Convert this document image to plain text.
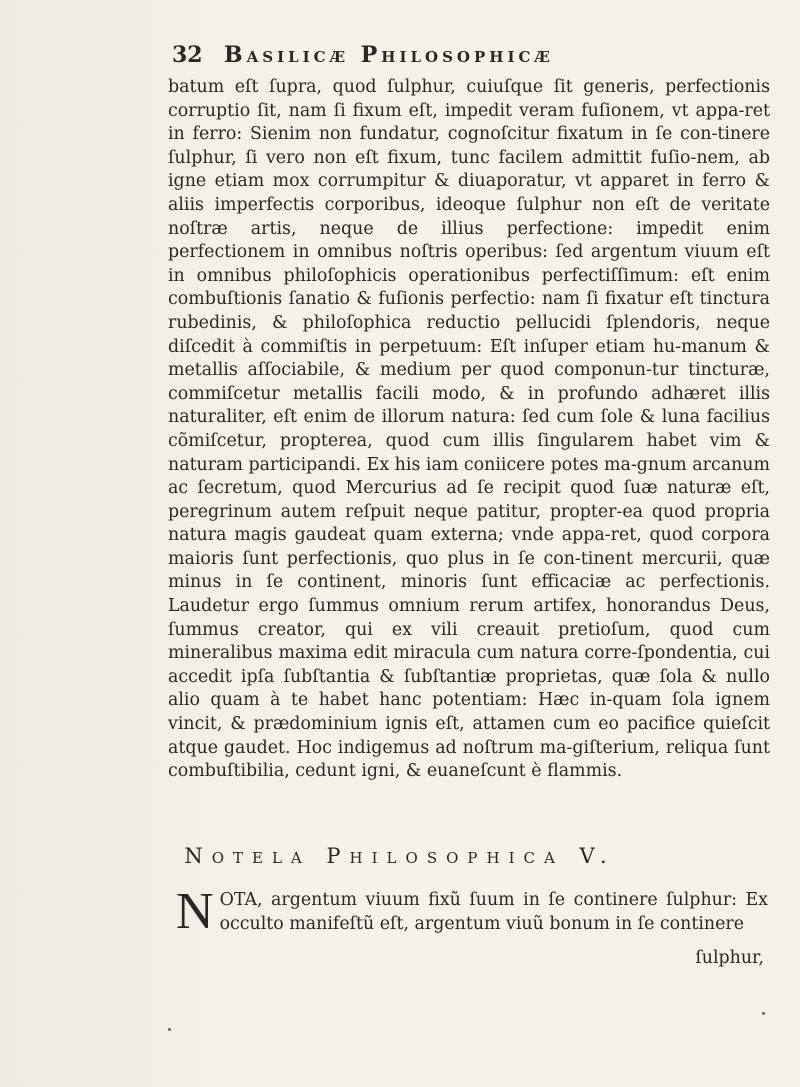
32 Basilicæ Philosophicæ

batum eſt ſupra, quod ſulphur, cuiuſque ſit generis, perfectionis corruptio ſit, nam ſi fixum eſt, impedit veram fuſionem, vt appa-ret in ferro: Sienim non fundatur, cognoſcitur fixatum in ſe con-tinere ſulphur, ſi vero non eſt fixum, tunc facilem admittit fuſio-nem, ab igne etiam mox corrumpitur & diuaporatur, vt apparet in ferro & aliis imperfectis corporibus, ideoque ſulphur non eſt de veritate noſtræ artis, neque de illius perfectione: impedit enim perfectionem in omnibus noſtris operibus: ſed argentum viuum eſt in omnibus philoſophicis operationibus perfectiſſimum: eſt enim combuſtionis ſanatio & fuſionis perfectio: nam ſi fixatur eſt tinctura rubedinis, & philoſophica reductio pellucidi ſplendoris, neque diſcedit à commiſtis in perpetuum: Eſt inſuper etiam hu-manum & metallis aſſociabile, & medium per quod componun-tur tincturæ, commiſcetur metallis facili modo, & in profundo adhæret illis naturaliter, eſt enim de illorum natura: ſed cum ſole & luna facilius cõmiſcetur, propterea, quod cum illis ſingularem habet vim & naturam participandi. Ex his iam coniicere potes ma-gnum arcanum ac ſecretum, quod Mercurius ad ſe recipit quod ſuæ naturæ eſt, peregrinum autem reſpuit neque patitur, propter-ea quod propria natura magis gaudeat quam externa; vnde appa-ret, quod corpora maioris ſunt perfectionis, quo plus in ſe con-tinent mercurii, quæ minus in ſe continent, minoris ſunt efficaciæ ac perfectionis. Laudetur ergo ſummus omnium rerum artifex, honorandus Deus, ſummus creator, qui ex vili creauit pretioſum, quod cum mineralibus maxima edit miracula cum natura corre-ſpondentia, cui accedit ipſa ſubſtantia & ſubſtantiæ proprietas, quæ ſola & nullo alio quam à te habet hanc potentiam: Hæc in-quam ſola ignem vincit, & prædominium ignis eſt, attamen cum eo pacifice quieſcit atque gaudet. Hoc indigemus ad noſtrum ma-giſterium, reliqua ſunt combuſtibilia, cedunt igni, & euaneſcunt è flammis.

Notela Philosophica V.
N OTA, argentum viuum fixũ ſuum in ſe continere ſulphur: Ex occulto manifeſtũ eſt, argentum viuũ bonum in ſe continere
ſulphur,
